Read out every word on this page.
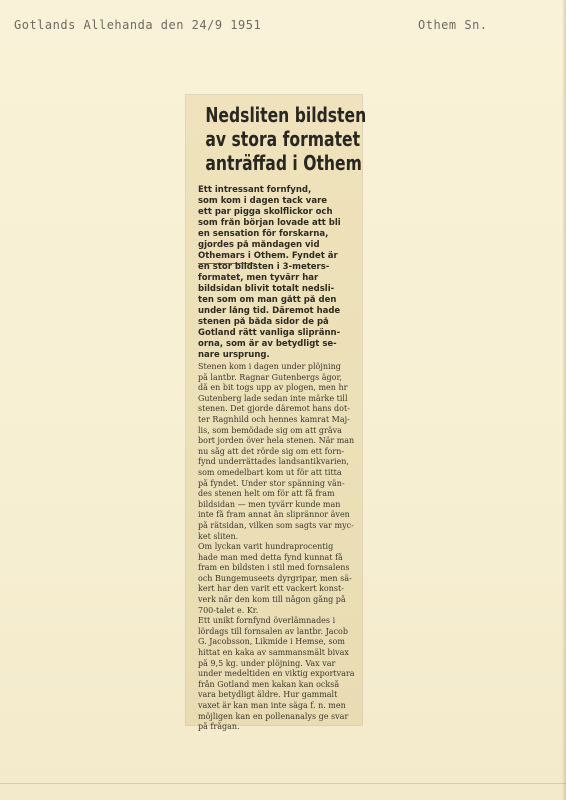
Gotlands Allehanda den 24/9 1951	Othem Sn.
Nedsliten bildsten
av stora formatet
anträffad i Othem
Ett intressant fornfynd,
som kom i dagen tack vare
ett par pigga skolflickor och
som från början lovade att bli
en sensation för forskarna,
gjordes på måndagen vid
Othemars i Othem. Fyndet är
en stor bildsten i 3-meters-
formatet, men tyvärr har
bildsidan blivit totalt nedsli-
ten som om man gått på den
under lång tid. Däremot hade
stenen på båda sidor de på
Gotland rätt vanliga slipränn-
orna, som är av betydligt se-
nare ursprung.
Stenen kom i dagen under plöjning
på lantbr. Ragnar Gutenbergs ägor,
då en bit togs upp av plogen, men hr
Gutenberg lade sedan inte märke till
stenen. Det gjorde däremot hans dot-
ter Ragnhild och hennes kamrat Maj-
lis, som bemödade sig om att gräva
bort jorden över hela stenen. När man
nu såg att det rörde sig om ett forn-
fynd underrättades landsantikvarien,
som omedelbart kom ut för att titta
på fyndet. Under stor spänning vän-
des stenen helt om för att få fram
bildsidan — men tyvärr kunde man
inte få fram annat än sliprännor även
på rätsidan, vilken som sagts var myc-
ket sliten.
Om lyckan varit hundraprocentig
hade man med detta fynd kunnat få
fram en bildsten i stil med fornsalens
och Bungemuseets dyrgripar, men sä-
kert har den varit ett vackert konst-
verk när den kom till någon gång på
700-talet e. Kr.
Ett unikt fornfynd överlämnades i
lördags till fornsalen av lantbr. Jacob
G. Jacobsson, Likmide i Hemse, som
hittat en kaka av sammansmält bivax
på 9,5 kg. under plöjning. Vax var
under medeltiden en viktig exportvara
från Gotland men kakan kan också
vara betydligt äldre. Hur gammalt
vaxet är kan man inte säga f. n. men
möjligen kan en pollenanalys ge svar
på frågan.
